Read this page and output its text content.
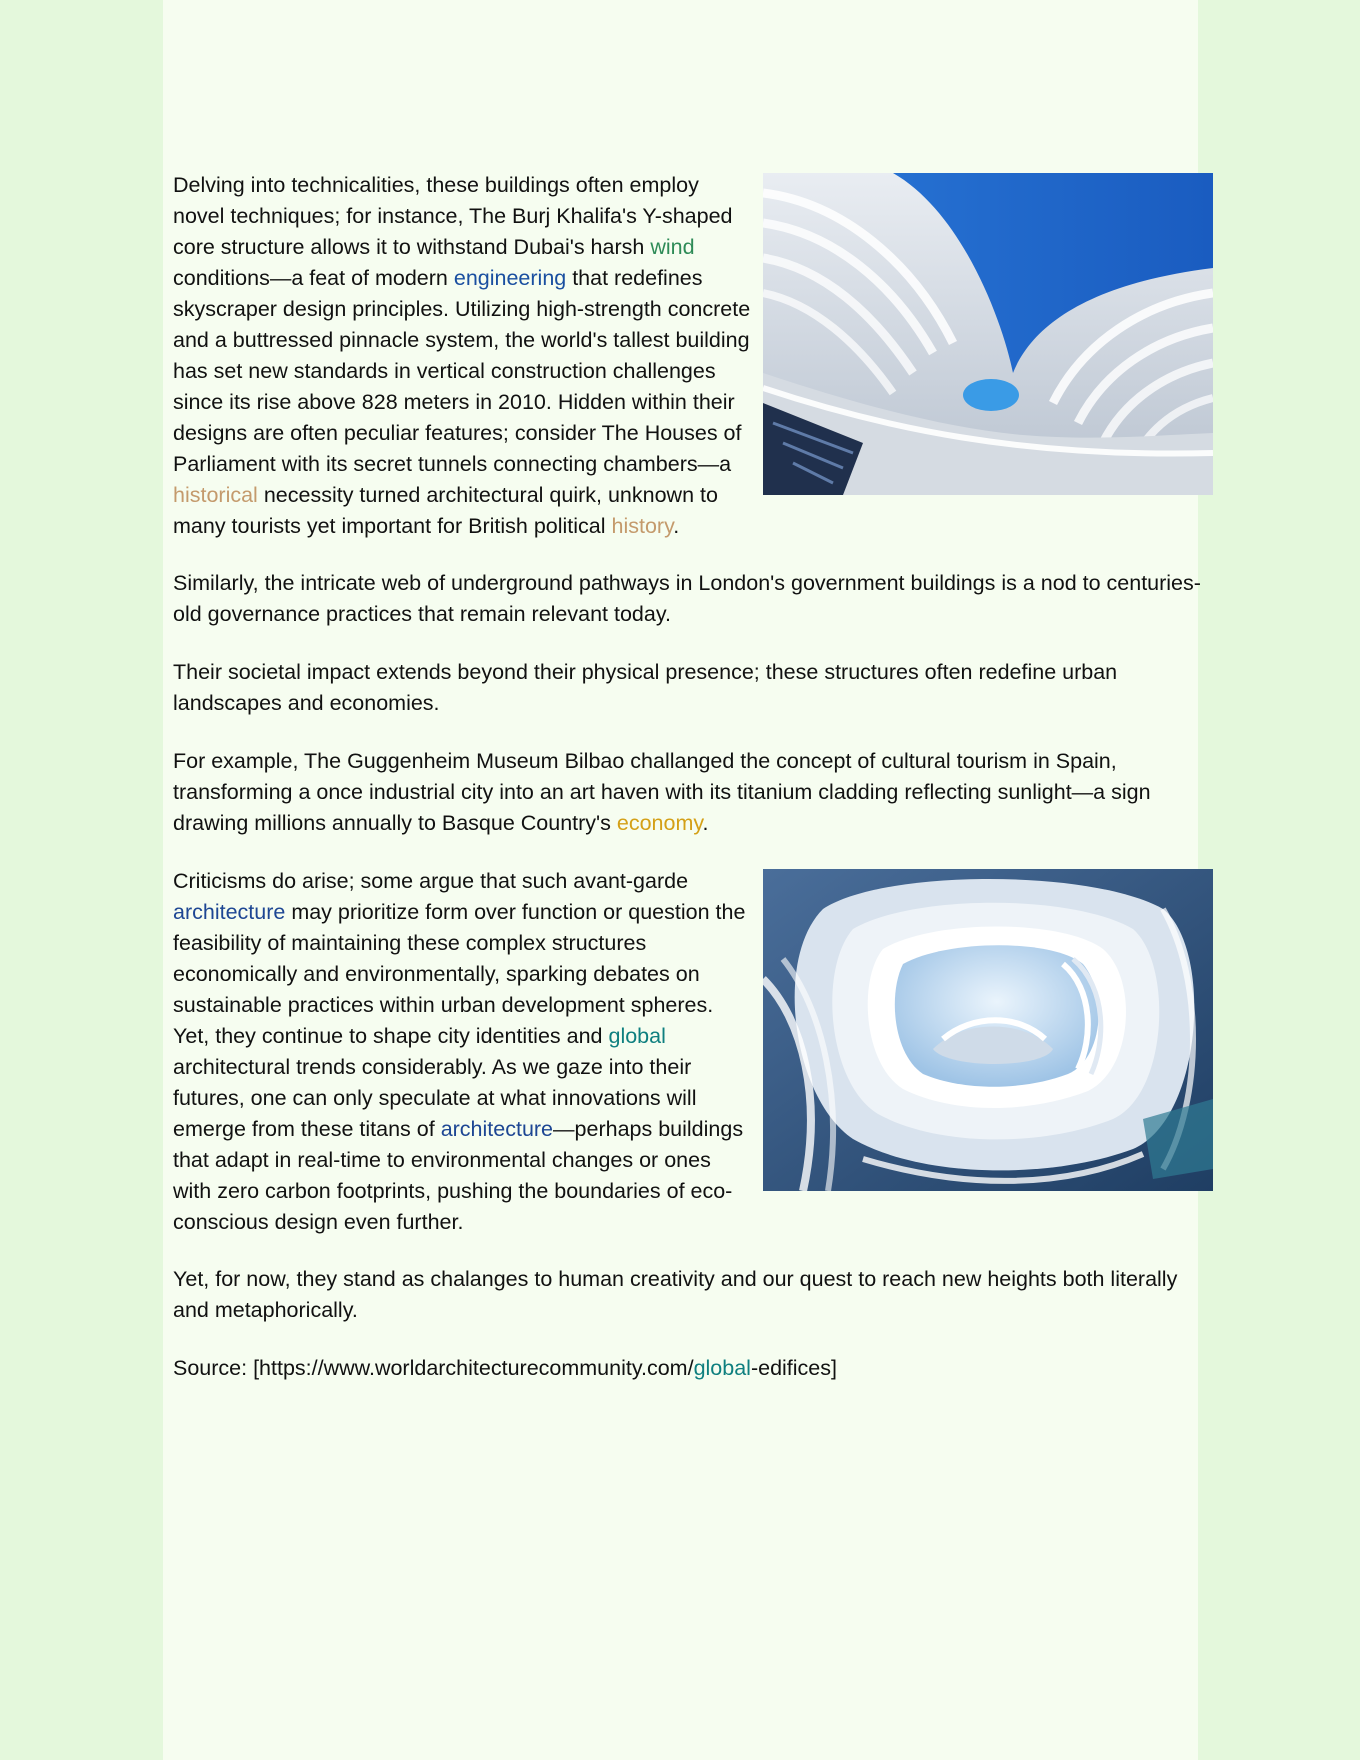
Delving into technicalities, these buildings often employ novel techniques; for instance, The Burj Khalifa's Y-shaped core structure allows it to withstand Dubai's harsh wind conditions—a feat of modern engineering that redefines skyscraper design principles. Utilizing high-strength concrete and a buttressed pinnacle system, the world's tallest building has set new standards in vertical construction challenges since its rise above 828 meters in 2010. Hidden within their designs are often peculiar features; consider The Houses of Parliament with its secret tunnels connecting chambers—a historical necessity turned architectural quirk, unknown to many tourists yet important for British political history.

Similarly, the intricate web of underground pathways in London's government buildings is a nod to centuries-old governance practices that remain relevant today.

Their societal impact extends beyond their physical presence; these structures often redefine urban landscapes and economies.

For example, The Guggenheim Museum Bilbao challanged the concept of cultural tourism in Spain, transforming a once industrial city into an art haven with its titanium cladding reflecting sunlight—a sign drawing millions annually to Basque Country's economy.

Criticisms do arise; some argue that such avant-garde architecture may prioritize form over function or question the feasibility of maintaining these complex structures economically and environmentally, sparking debates on sustainable practices within urban development spheres. Yet, they continue to shape city identities and global architectural trends considerably. As we gaze into their futures, one can only speculate at what innovations will emerge from these titans of architecture—perhaps buildings that adapt in real-time to environmental changes or ones with zero carbon footprints, pushing the boundaries of eco-conscious design even further.

Yet, for now, they stand as chalanges to human creativity and our quest to reach new heights both literally and metaphorically.

Source: [https://www.worldarchitecturecommunity.com/global-edifices]
